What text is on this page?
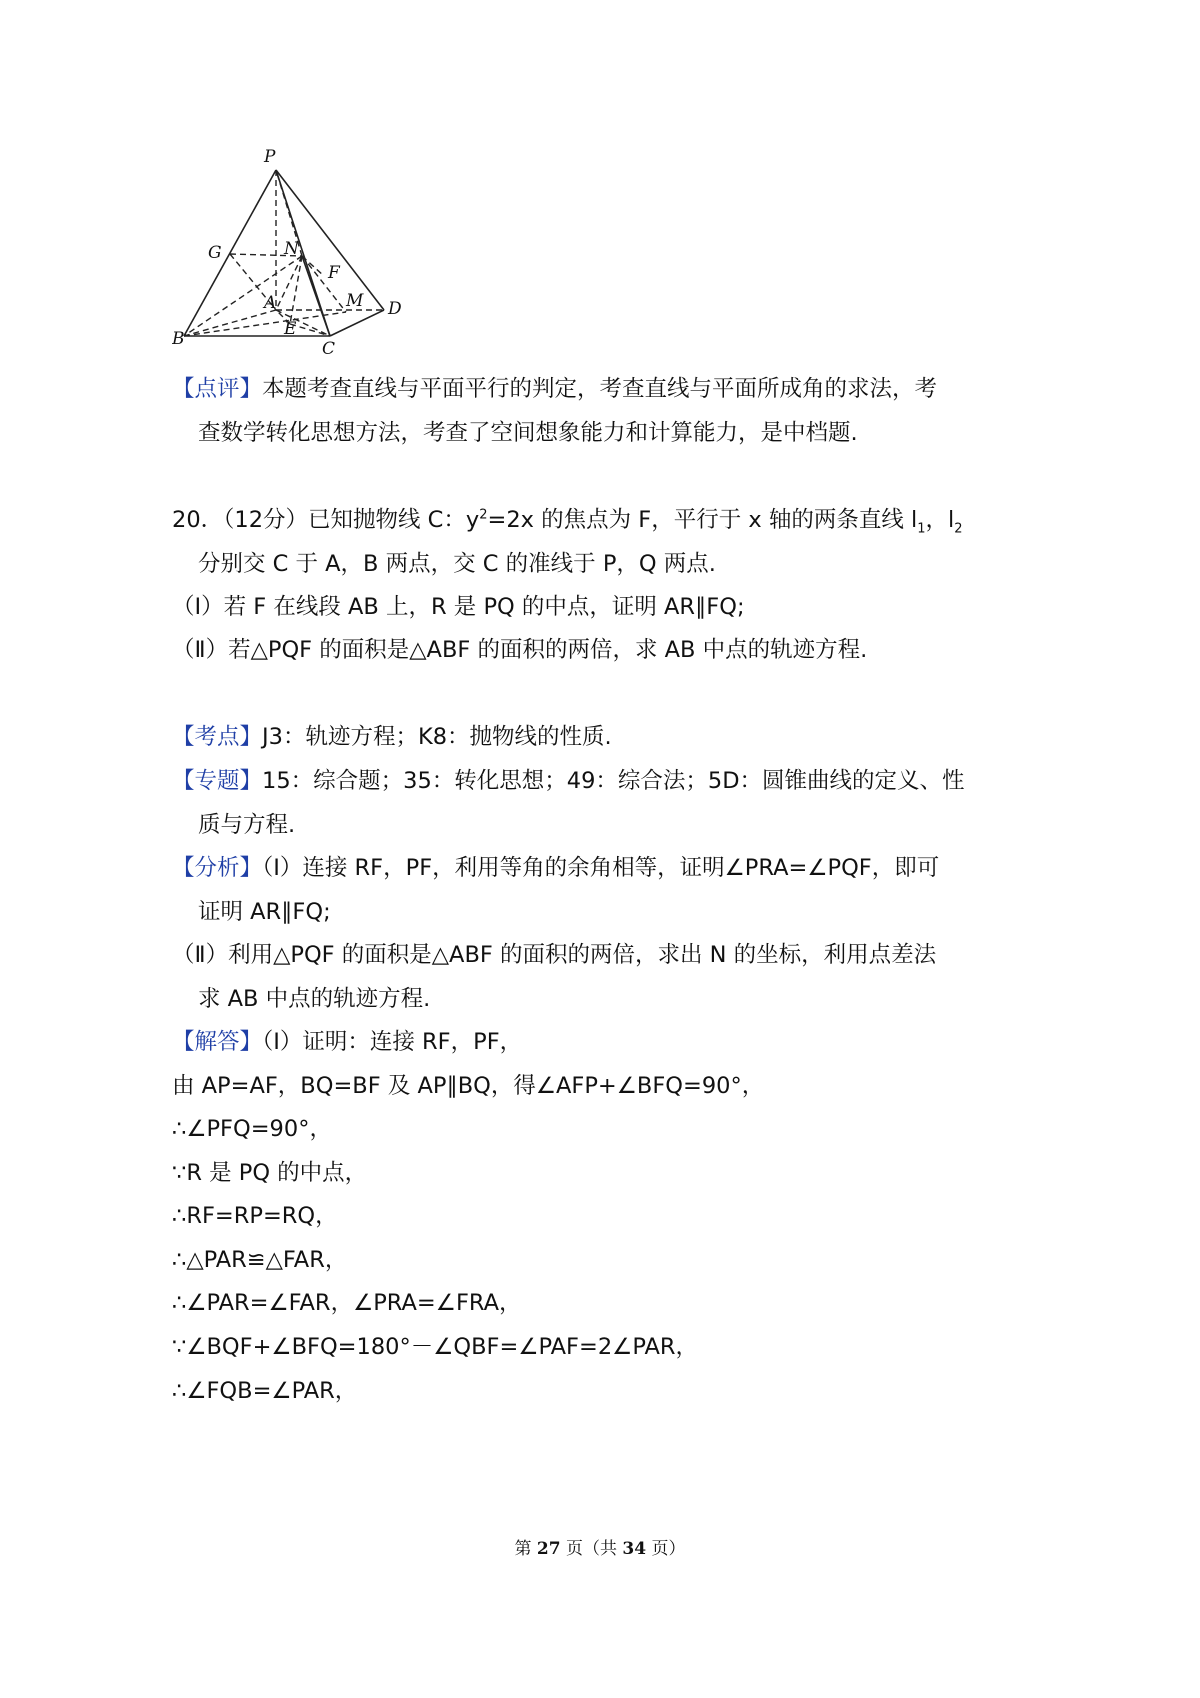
P
G	N
F
A	M D
B	E
C
【点评】本题考查直线与平面平行的判定，考查直线与平面所成角的求法，考
查数学转化思想方法，考查了空间想象能力和计算能力，是中档题.
20．（12分）已知抛物线 C：$y^2=2x$ 的焦点为 F，平行于 x 轴的两条直线 $l_1$，$l_2$
分别交 C 于 A，B 两点，交 C 的准线于 P，Q 两点.
（Ⅰ）若 F 在线段 AB 上，R 是 PQ 的中点，证明 AR∥FQ;
（Ⅱ）若△PQF 的面积是△ABF 的面积的两倍，求 AB 中点的轨迹方程.
【考点】J3：轨迹方程；K8：抛物线的性质.
【专题】15：综合题；35：转化思想；49：综合法；5D：圆锥曲线的定义、性
质与方程.
【分析】（Ⅰ）连接 RF，PF，利用等角的余角相等，证明∠PRA=∠PQF，即可
证明 AR∥FQ;
（Ⅱ）利用△PQF 的面积是△ABF 的面积的两倍，求出 N 的坐标，利用点差法
求 AB 中点的轨迹方程.
【解答】（Ⅰ）证明：连接 RF，PF，
由 AP=AF，BQ=BF 及 AP∥BQ，得∠AFP+∠BFQ=90°，
∴∠PFQ=90°，
∵R 是 PQ 的中点，
∴RF=RP=RQ，
∴△PAR≌△FAR，
∴∠PAR=∠FAR，∠PRA=∠FRA，
∵∠BQF+∠BFQ=180°－∠QBF=∠PAF=2∠PAR，
∴∠FQB=∠PAR，
第 27 页（共 34 页）
